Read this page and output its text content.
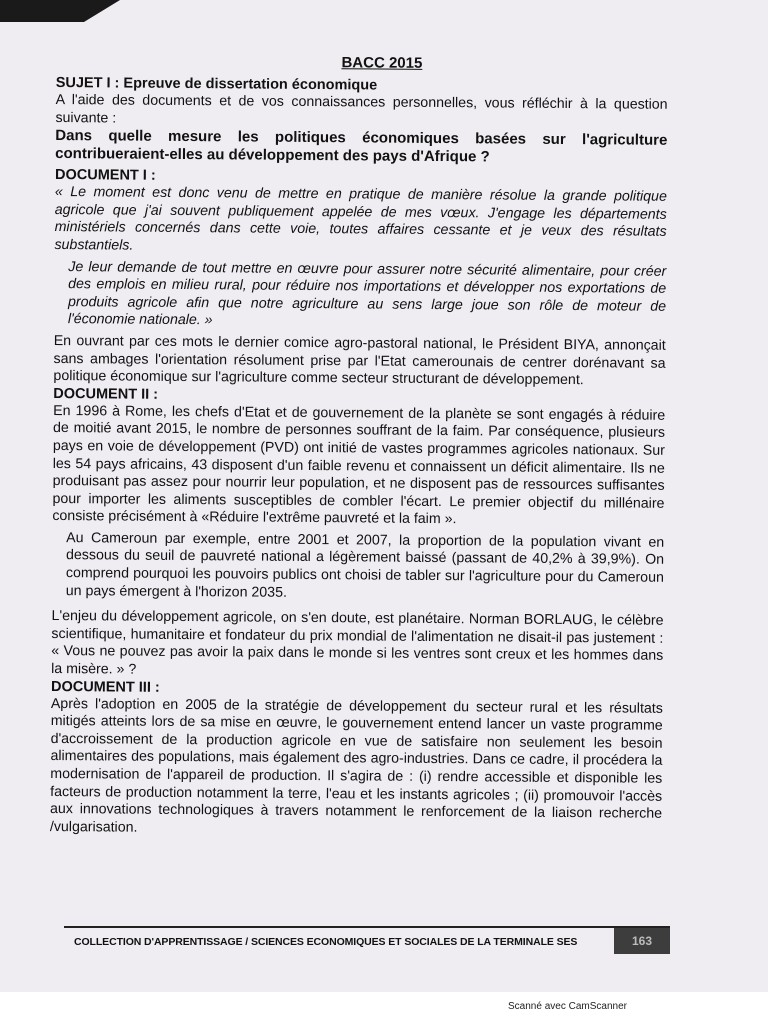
BACC 2015
SUJET I : Epreuve de dissertation économique

A l'aide des documents et de vos connaissances personnelles, vous réfléchir à la question suivante :

Dans quelle mesure les politiques économiques basées sur l'agriculture contribueraient-elles au développement des pays d'Afrique ?

DOCUMENT I :

« Le moment est donc venu de mettre en pratique de manière résolue la grande politique agricole que j'ai souvent publiquement appelée de mes vœux. J'engage les départements ministériels concernés dans cette voie, toutes affaires cessante et je veux des résultats substantiels.

Je leur demande de tout mettre en œuvre pour assurer notre sécurité alimentaire, pour créer des emplois en milieu rural, pour réduire nos importations et développer nos exportations de produits agricole afin que notre agriculture au sens large joue son rôle de moteur de l'économie nationale. »

En ouvrant par ces mots le dernier comice agro-pastoral national, le Président BIYA, annonçait sans ambages l'orientation résolument prise par l'Etat camerounais de centrer dorénavant sa politique économique sur l'agriculture comme secteur structurant de développement.

DOCUMENT II :

En 1996 à Rome, les chefs d'Etat et de gouvernement de la planète se sont engagés à réduire de moitié avant 2015, le nombre de personnes souffrant de la faim. Par conséquence, plusieurs pays en voie de développement (PVD) ont initié de vastes programmes agricoles nationaux. Sur les 54 pays africains, 43 disposent d'un faible revenu et connaissent un déficit alimentaire. Ils ne produisant pas assez pour nourrir leur population, et ne disposent pas de ressources suffisantes pour importer les aliments susceptibles de combler l'écart. Le premier objectif du millénaire consiste précisément à «Réduire l'extrême pauvreté et la faim ».

Au Cameroun par exemple, entre 2001 et 2007, la proportion de la population vivant en dessous du seuil de pauvreté national a légèrement baissé (passant de 40,2% à 39,9%). On comprend pourquoi les pouvoirs publics ont choisi de tabler sur l'agriculture pour du Cameroun un pays émergent à l'horizon 2035.

L'enjeu du développement agricole, on s'en doute, est planétaire. Norman BORLAUG, le célèbre scientifique, humanitaire et fondateur du prix mondial de l'alimentation ne disait-il pas justement : « Vous ne pouvez pas avoir la paix dans le monde si les ventres sont creux et les hommes dans la misère. » ?

DOCUMENT III :

Après l'adoption en 2005 de la stratégie de développement du secteur rural et les résultats mitigés atteints lors de sa mise en œuvre, le gouvernement entend lancer un vaste programme d'accroissement de la production agricole en vue de satisfaire non seulement les besoin alimentaires des populations, mais également des agro-industries. Dans ce cadre, il procédera la modernisation de l'appareil de production. Il s'agira de : (i) rendre accessible et disponible les facteurs de production notamment la terre, l'eau et les instants agricoles ; (ii) promouvoir l'accès aux innovations technologiques à travers notamment le renforcement de la liaison recherche /vulgarisation.

COLLECTION D'APPRENTISSAGE / SCIENCES ECONOMIQUES ET SOCIALES DE LA TERMINALE SES	163
Scanné avec CamScanner
